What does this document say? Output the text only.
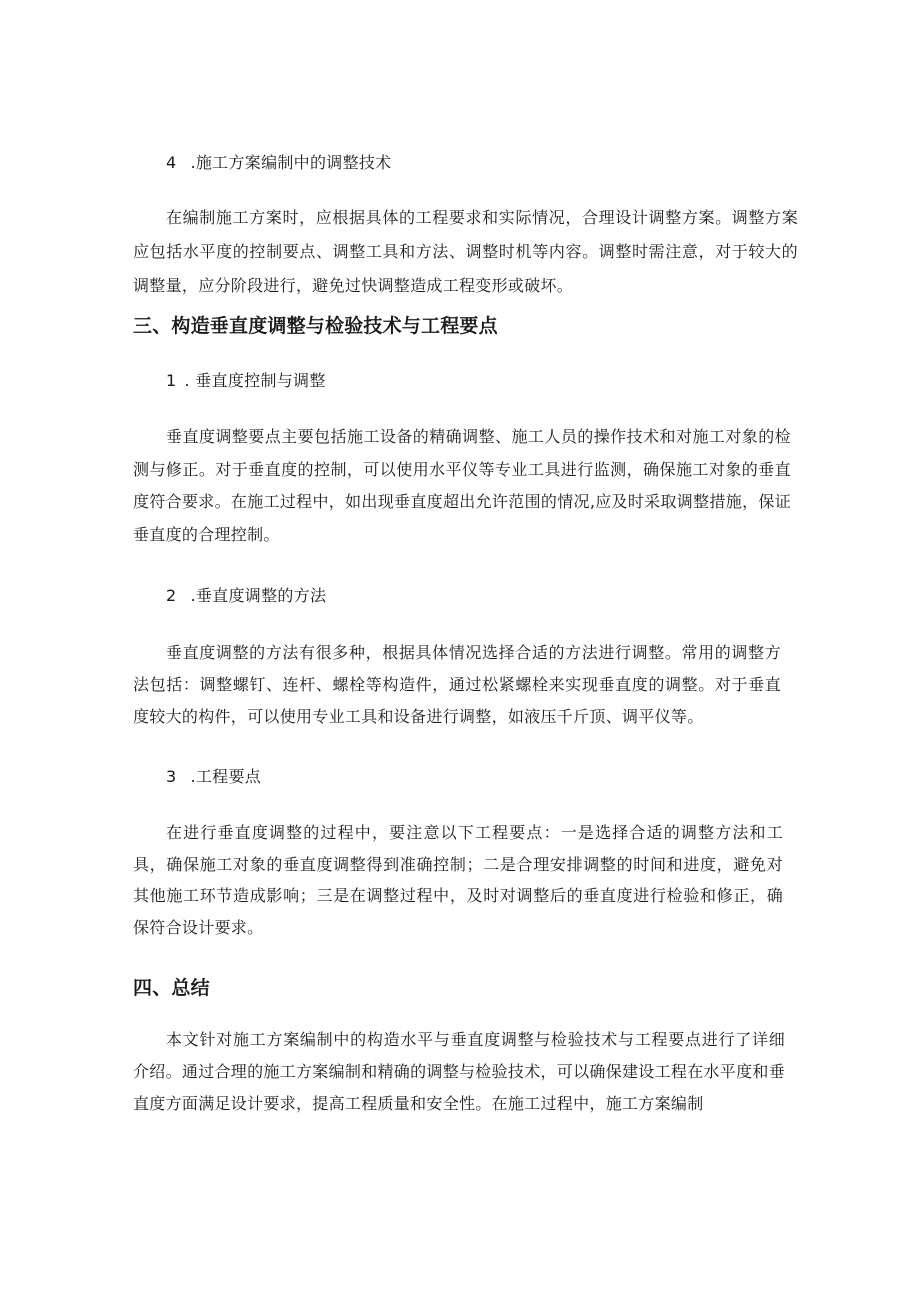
4 .施工方案编制中的调整技术

在编制施工方案时，应根据具体的工程要求和实际情况，合理设计调整方案。调整方案应包括水平度的控制要点、调整工具和方法、调整时机等内容。调整时需注意，对于较大的调整量，应分阶段进行，避免过快调整造成工程变形或破坏。

三、构造垂直度调整与检验技术与工程要点

1 . 垂直度控制与调整

垂直度调整要点主要包括施工设备的精确调整、施工人员的操作技术和对施工对象的检测与修正。对于垂直度的控制，可以使用水平仪等专业工具进行监测，确保施工对象的垂直度符合要求。在施工过程中，如出现垂直度超出允许范围的情况,应及时采取调整措施，保证垂直度的合理控制。

2 .垂直度调整的方法

垂直度调整的方法有很多种，根据具体情况选择合适的方法进行调整。常用的调整方法包括：调整螺钉、连杆、螺栓等构造件，通过松紧螺栓来实现垂直度的调整。对于垂直度较大的构件，可以使用专业工具和设备进行调整，如液压千斤顶、调平仪等。

3 .工程要点

在进行垂直度调整的过程中，要注意以下工程要点：一是选择合适的调整方法和工具，确保施工对象的垂直度调整得到准确控制；二是合理安排调整的时间和进度，避免对其他施工环节造成影响；三是在调整过程中，及时对调整后的垂直度进行检验和修正，确保符合设计要求。

四、总结

本文针对施工方案编制中的构造水平与垂直度调整与检验技术与工程要点进行了详细介绍。通过合理的施工方案编制和精确的调整与检验技术，可以确保建设工程在水平度和垂直度方面满足设计要求，提高工程质量和安全性。在施工过程中，施工方案编制
